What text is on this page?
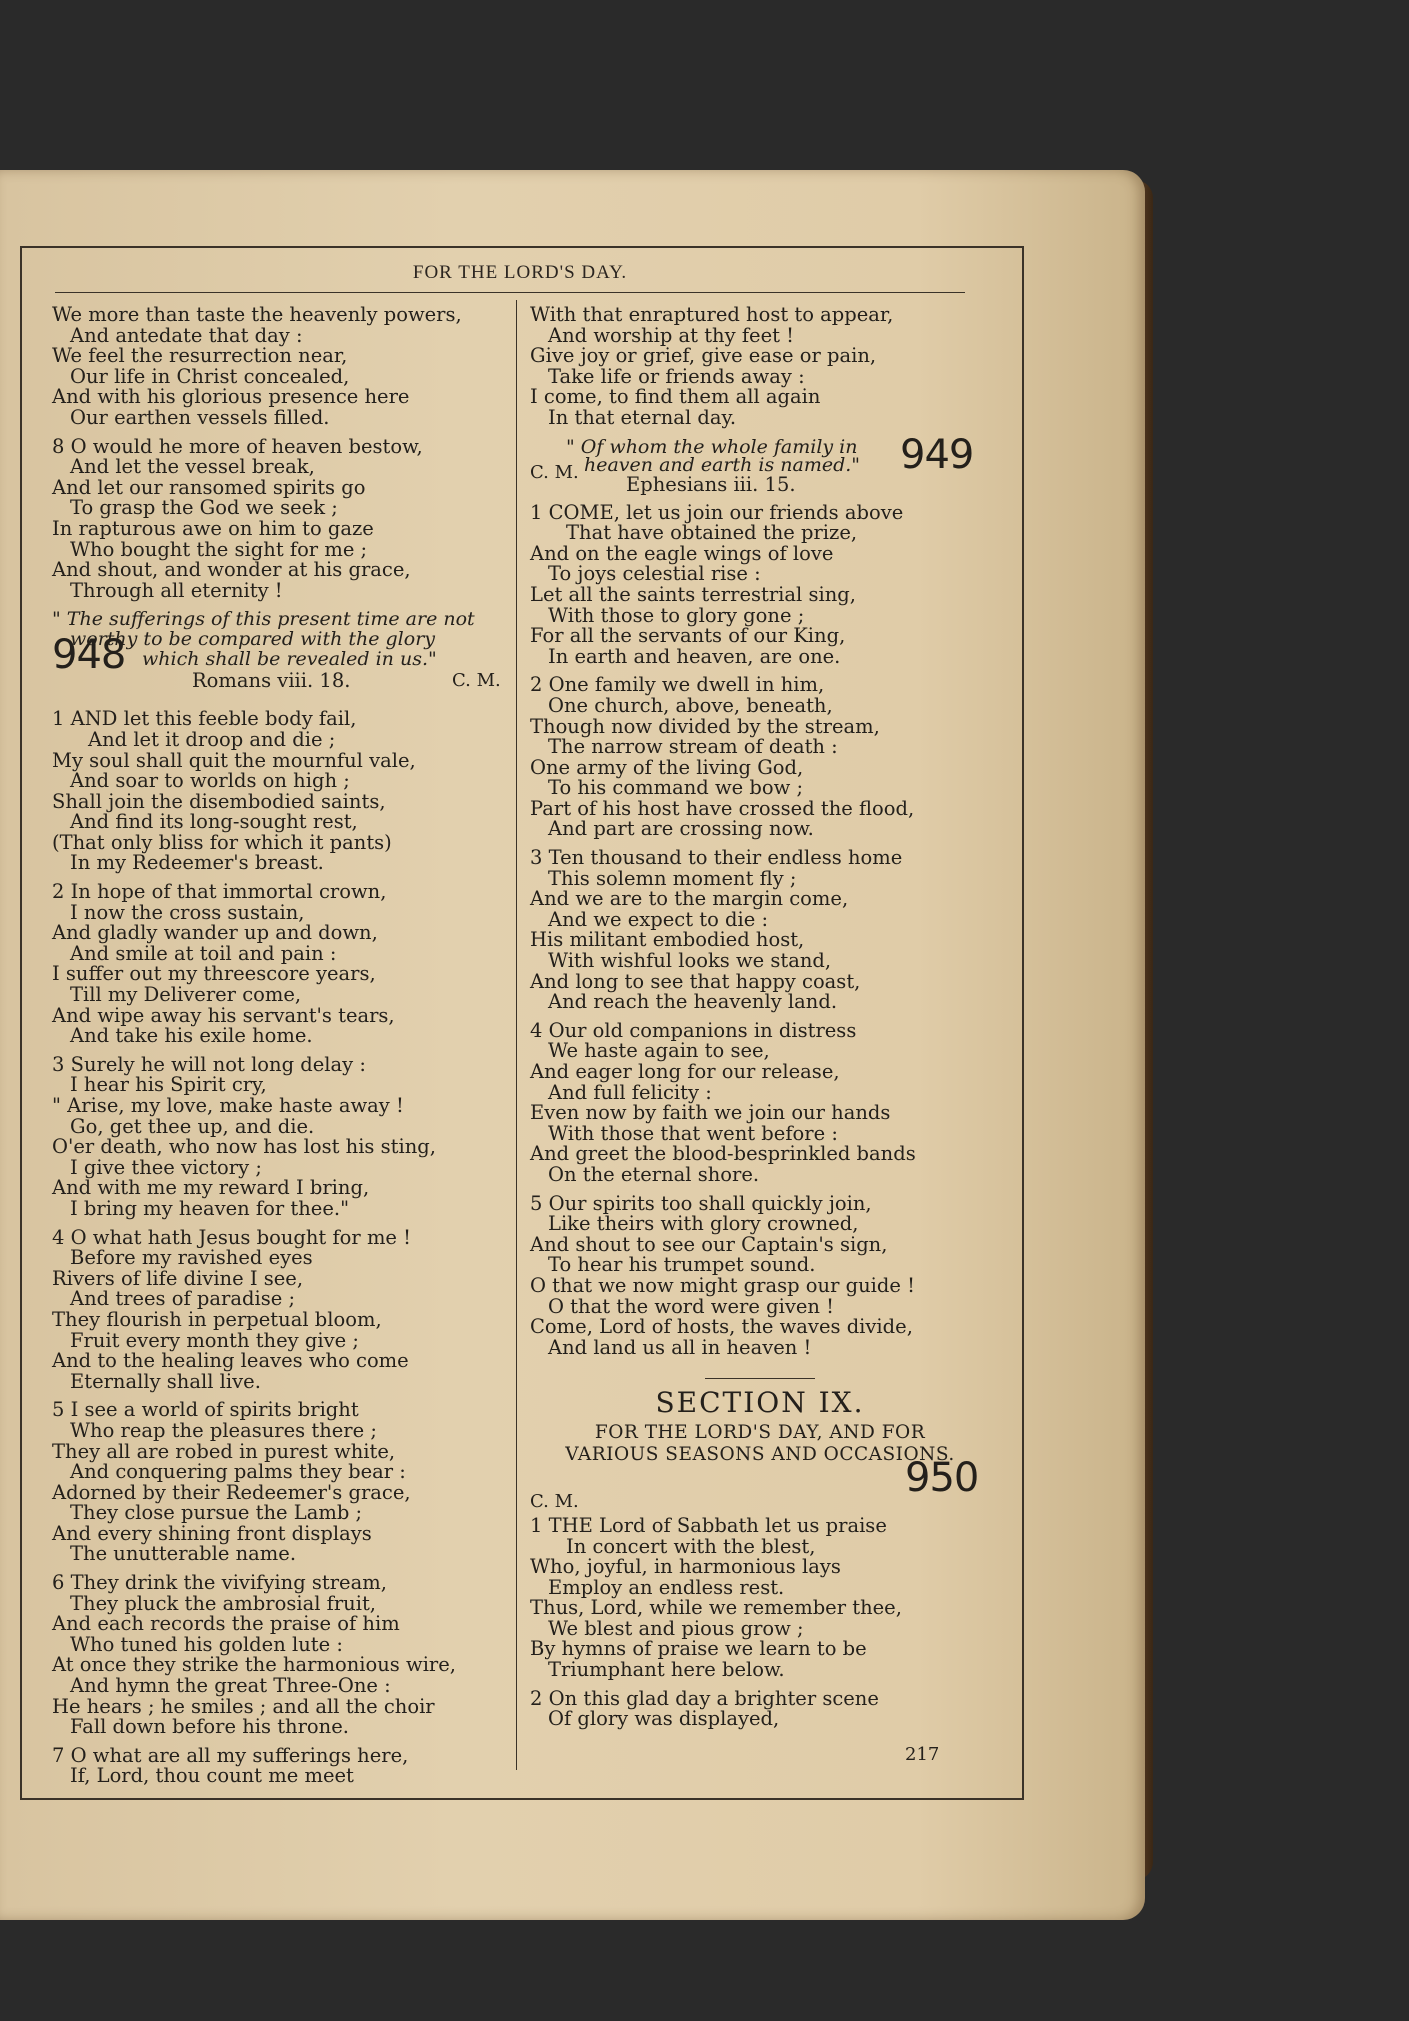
FOR THE LORD'S DAY.
We more than taste the heavenly powers,
And antedate that day :
We feel the resurrection near,
Our life in Christ concealed,
And with his glorious presence here
Our earthen vessels filled.
8 O would he more of heaven bestow,
And let the vessel break,
And let our ransomed spirits go
To grasp the God we seek ;
In rapturous awe on him to gaze
Who bought the sight for me ;
And shout, and wonder at his grace,
Through all eternity !
" The sufferings of this present time are not
worthy to be compared with the glory
948 which shall be revealed in us."
Romans viii. 18.	C. M.
1 AND let this feeble body fail,
And let it droop and die ;
My soul shall quit the mournful vale,
And soar to worlds on high ;
Shall join the disembodied saints,
And find its long-sought rest,
(That only bliss for which it pants)
In my Redeemer's breast.
2 In hope of that immortal crown,
I now the cross sustain,
And gladly wander up and down,
And smile at toil and pain :
I suffer out my threescore years,
Till my Deliverer come,
And wipe away his servant's tears,
And take his exile home.
3 Surely he will not long delay :
I hear his Spirit cry,
" Arise, my love, make haste away !
Go, get thee up, and die.
O'er death, who now has lost his sting,
I give thee victory ;
And with me my reward I bring,
I bring my heaven for thee."
4 O what hath Jesus bought for me !
Before my ravished eyes
Rivers of life divine I see,
And trees of paradise ;
They flourish in perpetual bloom,
Fruit every month they give ;
And to the healing leaves who come
Eternally shall live.
5 I see a world of spirits bright
Who reap the pleasures there ;
They all are robed in purest white,
And conquering palms they bear :
Adorned by their Redeemer's grace,
They close pursue the Lamb ;
And every shining front displays
The unutterable name.
6 They drink the vivifying stream,
They pluck the ambrosial fruit,
And each records the praise of him
Who tuned his golden lute :
At once they strike the harmonious wire,
And hymn the great Three-One :
He hears ; he smiles ; and all the choir
Fall down before his throne.
7 O what are all my sufferings here,
If, Lord, thou count me meet
With that enraptured host to appear,
And worship at thy feet !
Give joy or grief, give ease or pain,
Take life or friends away :
I come, to find them all again
In that eternal day.
" Of whom the whole family in
C. M. heaven and earth is named."
Ephesians iii. 15.
949
1 COME, let us join our friends above
That have obtained the prize,
And on the eagle wings of love
To joys celestial rise :
Let all the saints terrestrial sing,
With those to glory gone ;
For all the servants of our King,
In earth and heaven, are one.
2 One family we dwell in him,
One church, above, beneath,
Though now divided by the stream,
The narrow stream of death :
One army of the living God,
To his command we bow ;
Part of his host have crossed the flood,
And part are crossing now.
3 Ten thousand to their endless home
This solemn moment fly ;
And we are to the margin come,
And we expect to die :
His militant embodied host,
With wishful looks we stand,
And long to see that happy coast,
And reach the heavenly land.
4 Our old companions in distress
We haste again to see,
And eager long for our release,
And full felicity :
Even now by faith we join our hands
With those that went before :
And greet the blood-besprinkled bands
On the eternal shore.
5 Our spirits too shall quickly join,
Like theirs with glory crowned,
And shout to see our Captain's sign,
To hear his trumpet sound.
O that we now might grasp our guide !
O that the word were given !
Come, Lord of hosts, the waves divide,
And land us all in heaven !
SECTION IX.
FOR THE LORD'S DAY, AND FOR
VARIOUS SEASONS AND OCCASIONS.
C. M.
950
1 THE Lord of Sabbath let us praise
In concert with the blest,
Who, joyful, in harmonious lays
Employ an endless rest.
Thus, Lord, while we remember thee,
We blest and pious grow ;
By hymns of praise we learn to be
Triumphant here below.
2 On this glad day a brighter scene
Of glory was displayed,
217
